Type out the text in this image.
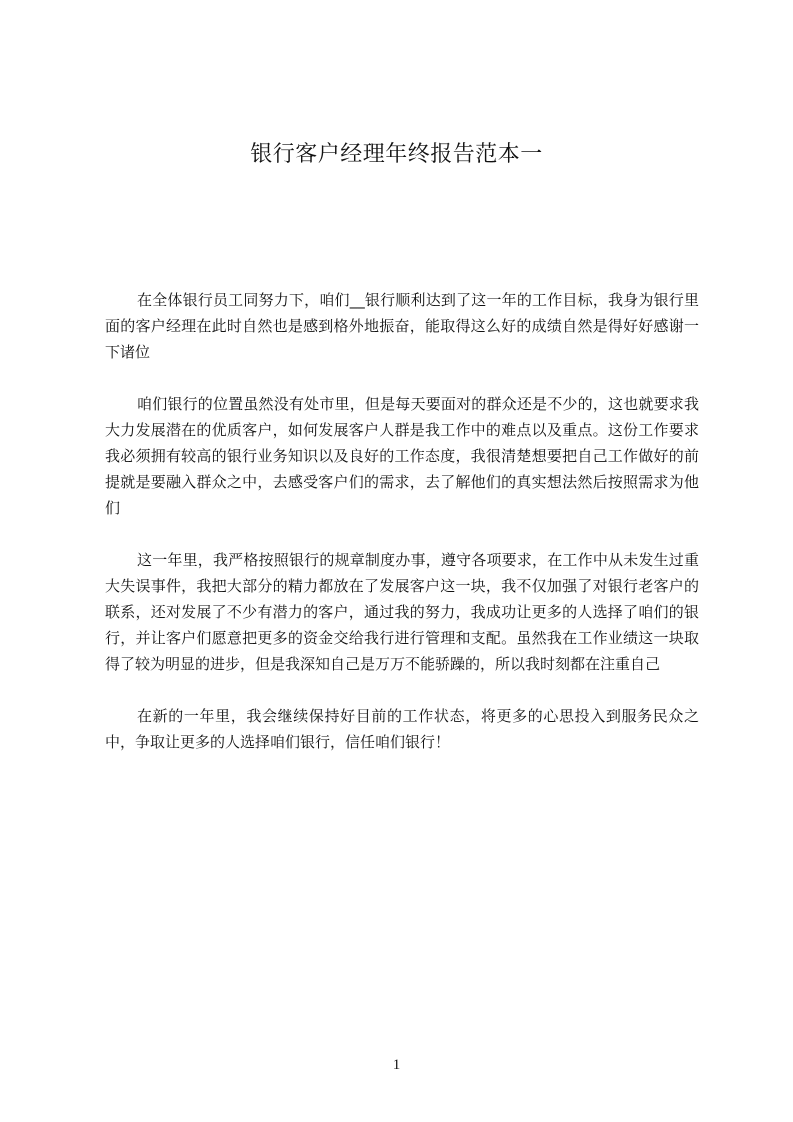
银行客户经理年终报告范本一

在全体银行员工同努力下，咱们__银行顺利达到了这一年的工作目标，我身为银行里面的客户经理在此时自然也是感到格外地振奋，能取得这么好的成绩自然是得好好感谢一下诸位

咱们银行的位置虽然没有处市里，但是每天要面对的群众还是不少的，这也就要求我大力发展潜在的优质客户，如何发展客户人群是我工作中的难点以及重点。这份工作要求我必须拥有较高的银行业务知识以及良好的工作态度，我很清楚想要把自己工作做好的前提就是要融入群众之中，去感受客户们的需求，去了解他们的真实想法然后按照需求为他们

这一年里，我严格按照银行的规章制度办事，遵守各项要求，在工作中从未发生过重大失误事件，我把大部分的精力都放在了发展客户这一块，我不仅加强了对银行老客户的联系，还对发展了不少有潜力的客户，通过我的努力，我成功让更多的人选择了咱们的银行，并让客户们愿意把更多的资金交给我行进行管理和支配。虽然我在工作业绩这一块取得了较为明显的进步，但是我深知自己是万万不能骄躁的，所以我时刻都在注重自己

在新的一年里，我会继续保持好目前的工作状态，将更多的心思投入到服务民众之中，争取让更多的人选择咱们银行，信任咱们银行！

1
